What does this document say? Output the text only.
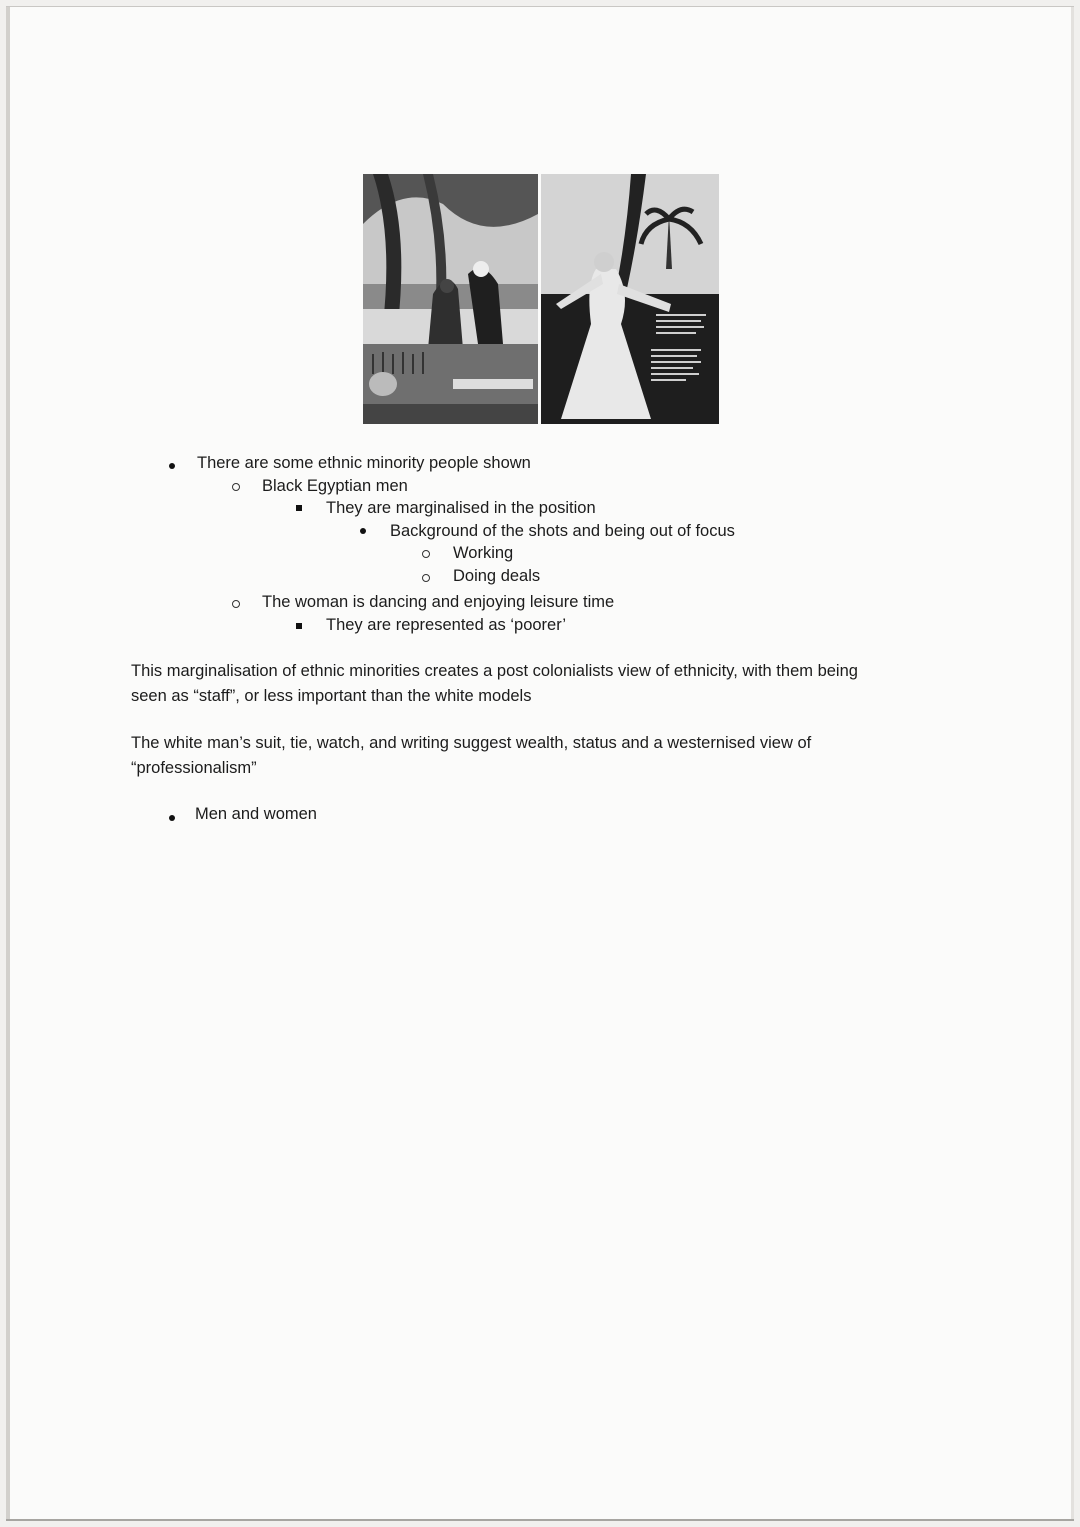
There are some ethnic minority people shown
Black Egyptian men
They are marginalised in the position
Background of the shots and being out of focus
Working
Doing deals
The woman is dancing and enjoying leisure time
They are represented as ‘poorer’
This marginalisation of ethnic minorities creates a post colonialists view of ethnicity, with them being
seen as “staff”, or less important than the white models
The white man’s suit, tie, watch, and writing suggest wealth, status and a westernised view of
“professionalism”
Men and women
